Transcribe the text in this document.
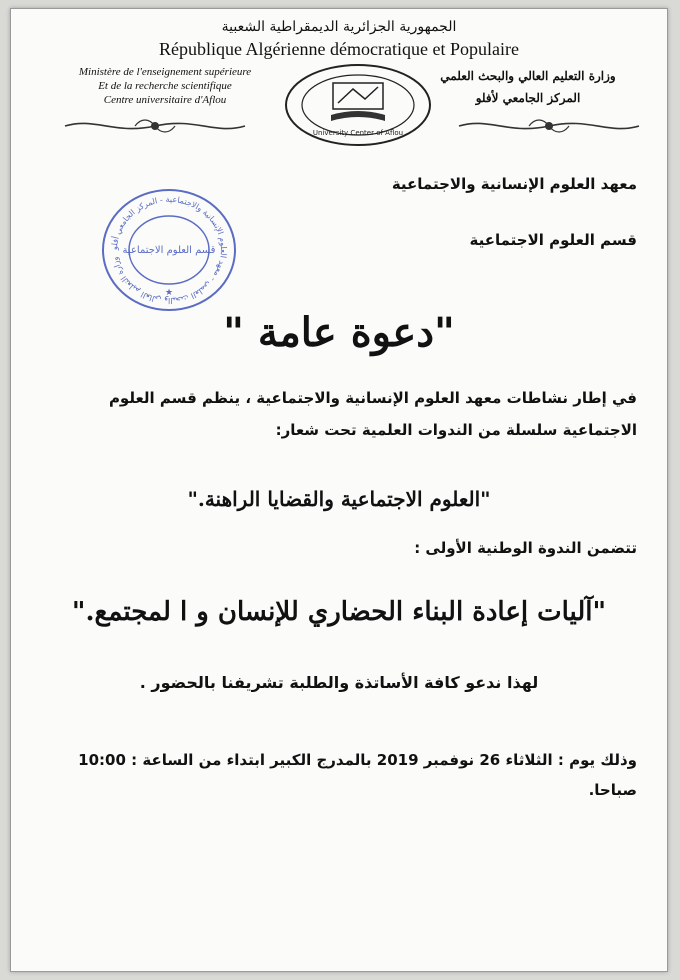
الجمهورية الجزائرية الديمقراطية الشعبية
République Algérienne démocratique et Populaire
Ministère de l'enseignement supérieure
Et de la recherche scientifique
Centre universitaire d'Aflou
وزارة التعليم العالي والبحث العلمي
المركز الجامعي لأفلو
University Center of Aflou
معهد العلوم الإنسانية والاجتماعية
قسم العلوم الاجتماعية
وزارة التعليم العالي والبحث العلمي - معهد العلوم الإنسانية والاجتماعية - المركز الجامعي أفلو
قسم العلوم الاجتماعية
★
"دعوة عامة "
في إطار نشاطات معهد العلوم الإنسانية والاجتماعية ، ينظم قسم العلوم
الاجتماعية سلسلة من الندوات العلمية تحت شعار:
"العلوم الاجتماعية والقضايا الراهنة."
تتضمن الندوة الوطنية الأولى :
"آليات إعادة البناء الحضاري للإنسان و ا لمجتمع."
لهذا ندعو كافة الأساتذة والطلبة تشريفنا بالحضور .
وذلك يوم : الثلاثاء 26 نوفمبر 2019 بالمدرج الكبير ابتداء من الساعة : 10:00
صباحا.
